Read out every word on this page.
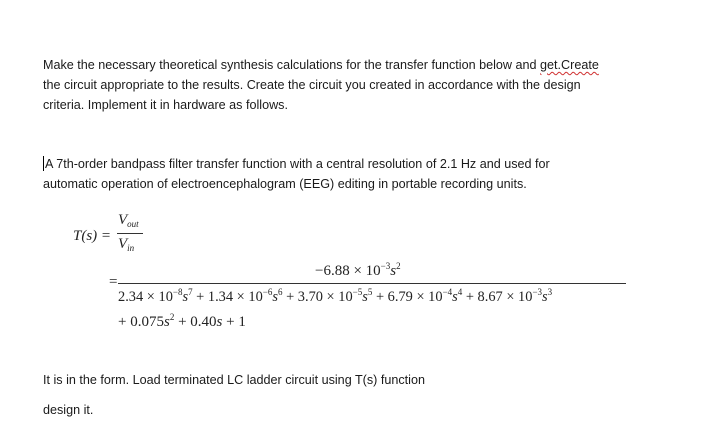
Make the necessary theoretical synthesis calculations for the transfer function below and get.Create

the circuit appropriate to the results. Create the circuit you created in accordance with the design

criteria. Implement it in hardware as follows.

A 7th-order bandpass filter transfer function with a central resolution of 2.1 Hz and used for

automatic operation of electroencephalogram (EEG) editing in portable recording units.

T(s) =
$V_{out}$
$V_{in}$
=
$-6.88 \times 10^{-3}s^2$
$2.34 \times 10^{-8}s^7 + 1.34 \times 10^{-6}s^6 + 3.70 \times 10^{-5}s^5 + 6.79 \times 10^{-4}s^4 + 8.67 \times 10^{-3}s^3$
+ $0.075s^2 + 0.40s + 1$

It is in the form. Load terminated LC ladder circuit using T(s) function

design it.
